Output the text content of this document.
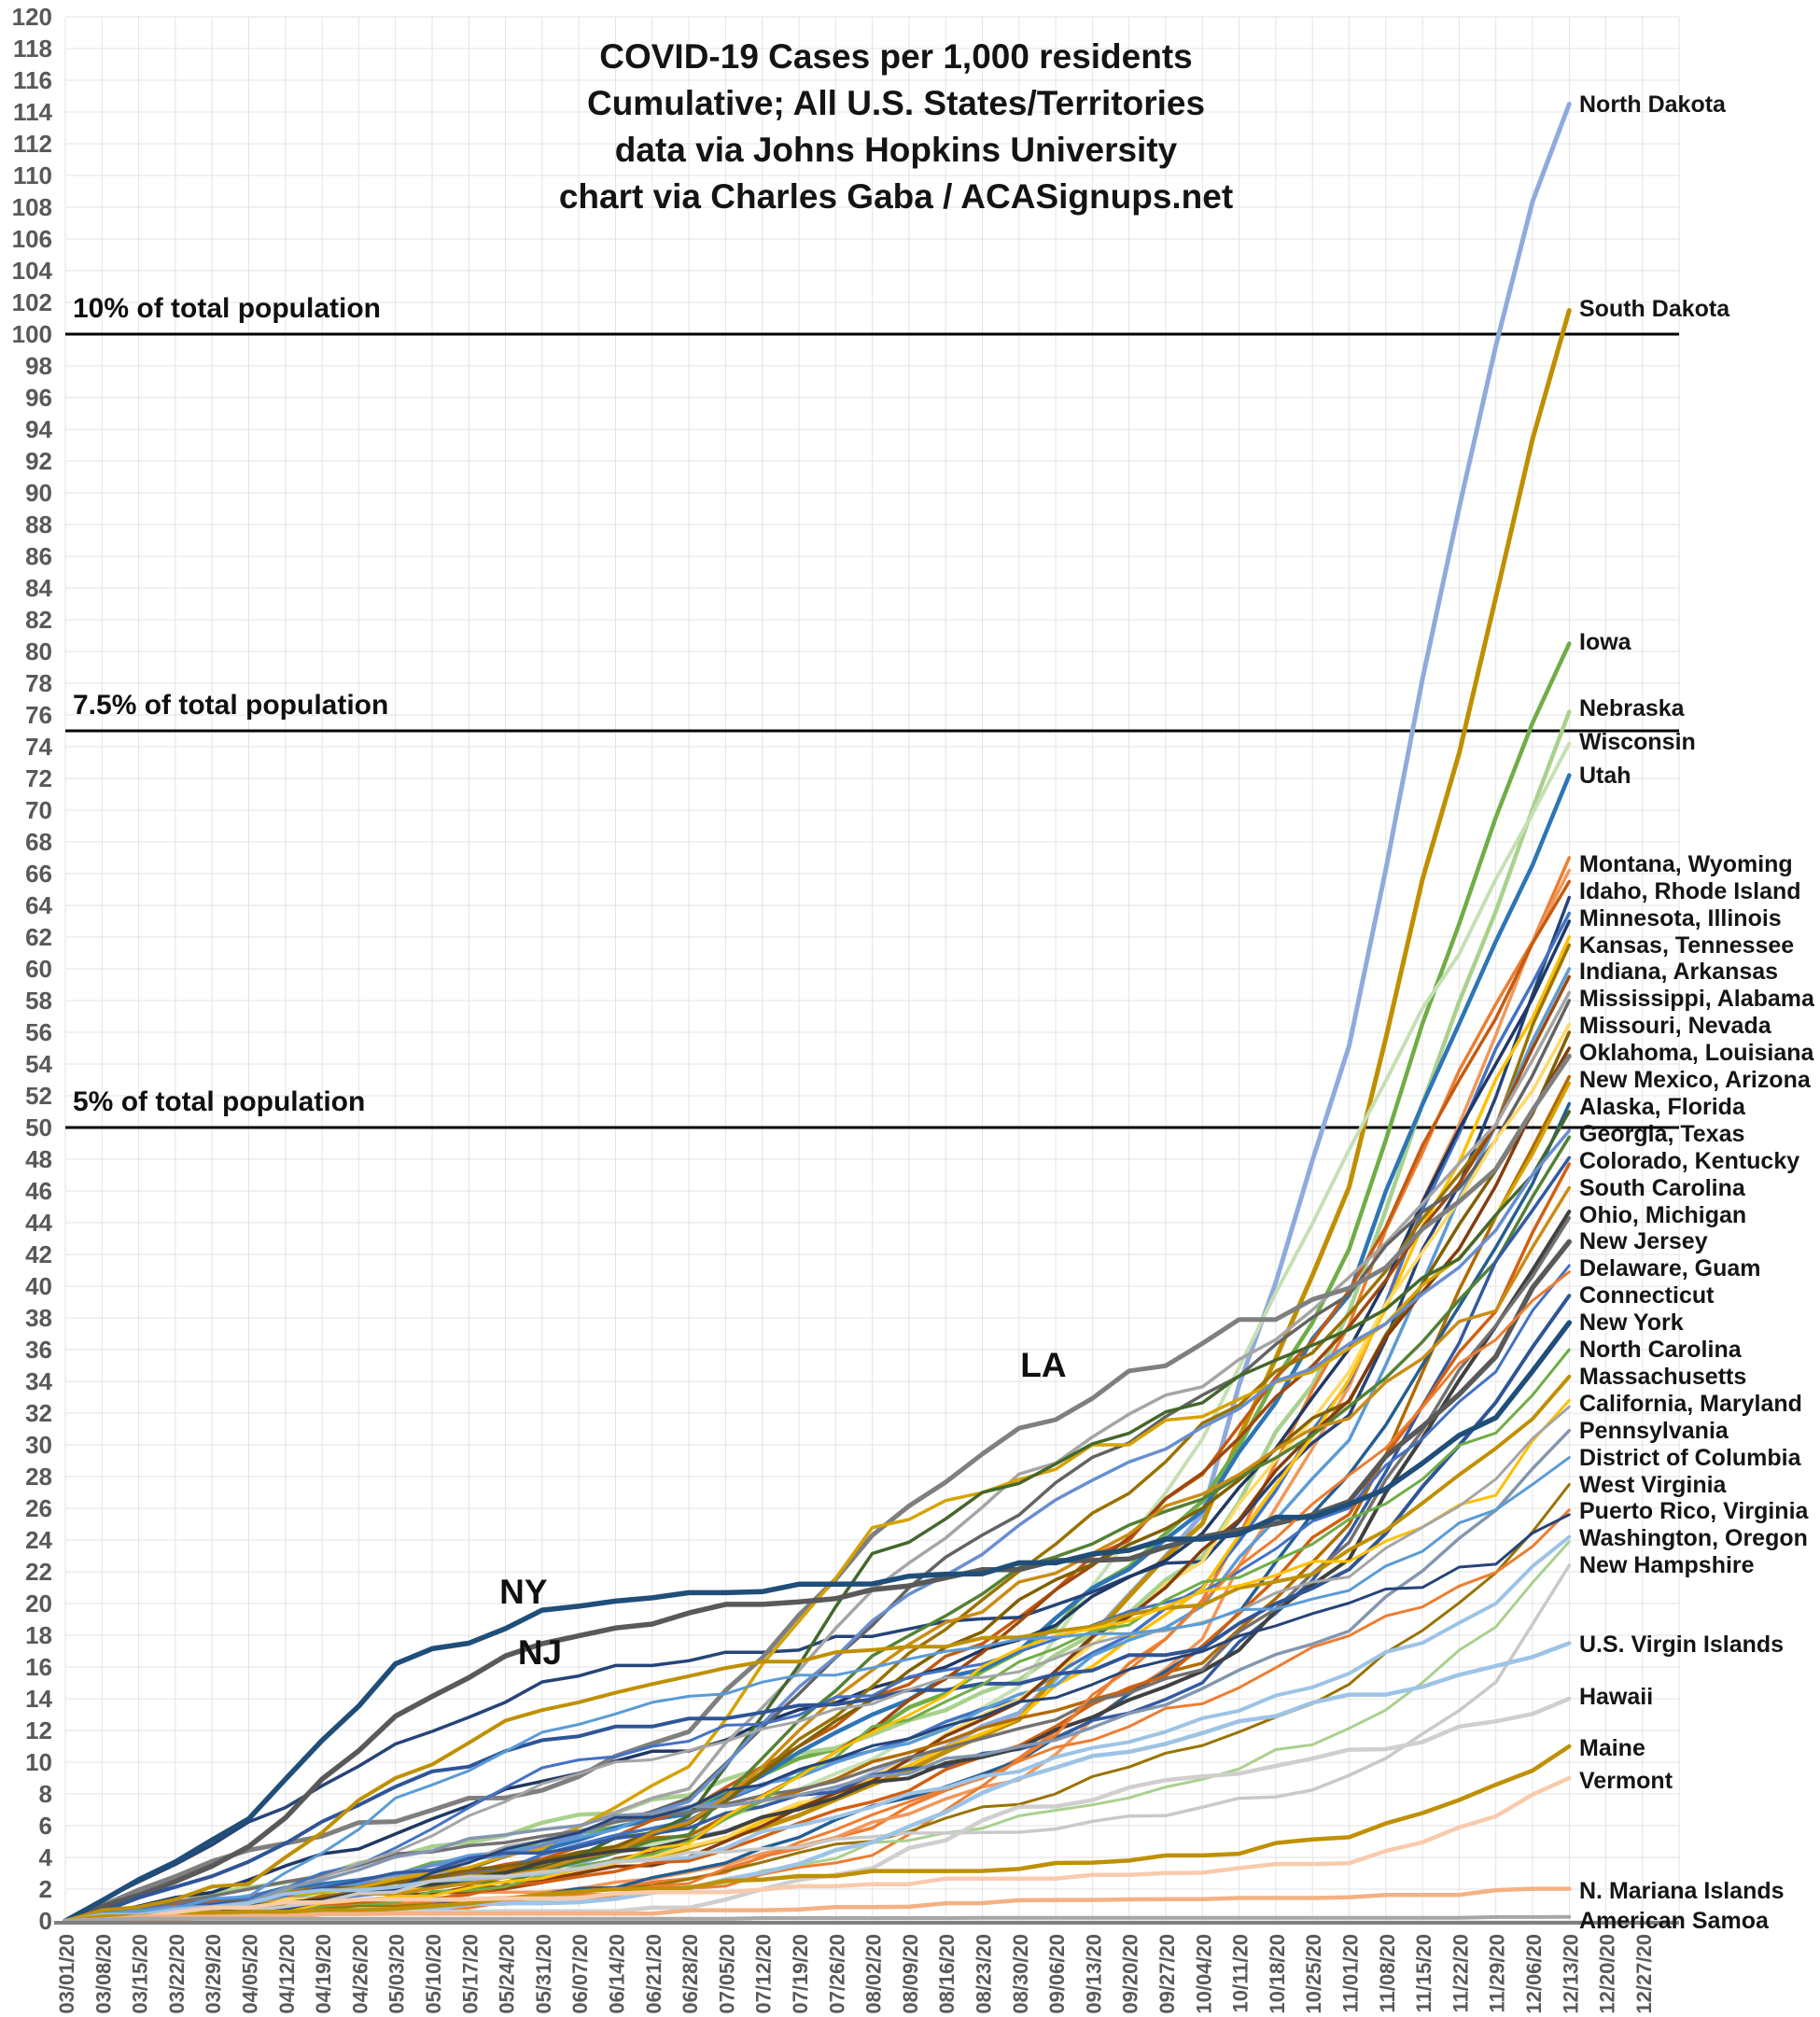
0
2
4
6
8
10
12
14
16
18
20
22
24
26
28
30
32
34
36
38
40
42
44
46
48
50
52
54
56
58
60
62
64
66
68
70
72
74
76
78
80
82
84
86
88
90
92
94
96
98
100
102
104
106
108
110
112
114
116
118
120
03/01/20 03/08/20 03/15/20 03/22/20 03/29/20 04/05/20 04/12/20 04/19/20 04/26/20 05/03/20 05/10/20 05/17/20 05/24/20 05/31/20 06/07/20 06/14/20 06/21/20 06/28/20 07/05/20 07/12/20 07/19/20 07/26/20 08/02/20 08/09/20 08/16/20 08/23/20 08/30/20 09/06/20 09/13/20 09/20/20 09/27/20 10/04/20 10/11/20 10/18/20 10/25/20 11/01/20 11/08/20 11/15/20 11/22/20 11/29/20 12/06/20 12/13/20 12/20/20 12/27/20
COVID-19 Cases per 1,000 residents
Cumulative; All U.S. States/Territories
data via Johns Hopkins University
chart via Charles Gaba / ACASignups.net
10% of total population
7.5% of total population
5% of total population
LA
NY
NJ
North Dakota
South Dakota
Iowa
Nebraska
Wisconsin
Utah
Montana, Wyoming
Idaho, Rhode Island
Minnesota, Illinois
Kansas, Tennessee
Indiana, Arkansas
Mississippi, Alabama
Missouri, Nevada
Oklahoma, Louisiana
New Mexico, Arizona
Alaska, Florida
Georgia, Texas
Colorado, Kentucky
South Carolina
Ohio, Michigan
New Jersey
Delaware, Guam
Connecticut
New York
North Carolina
Massachusetts
California, Maryland
Pennsylvania
District of Columbia
West Virginia
Puerto Rico, Virginia
Washington, Oregon
New Hampshire
U.S. Virgin Islands
Hawaii
Maine
Vermont
N. Mariana Islands
American Samoa
